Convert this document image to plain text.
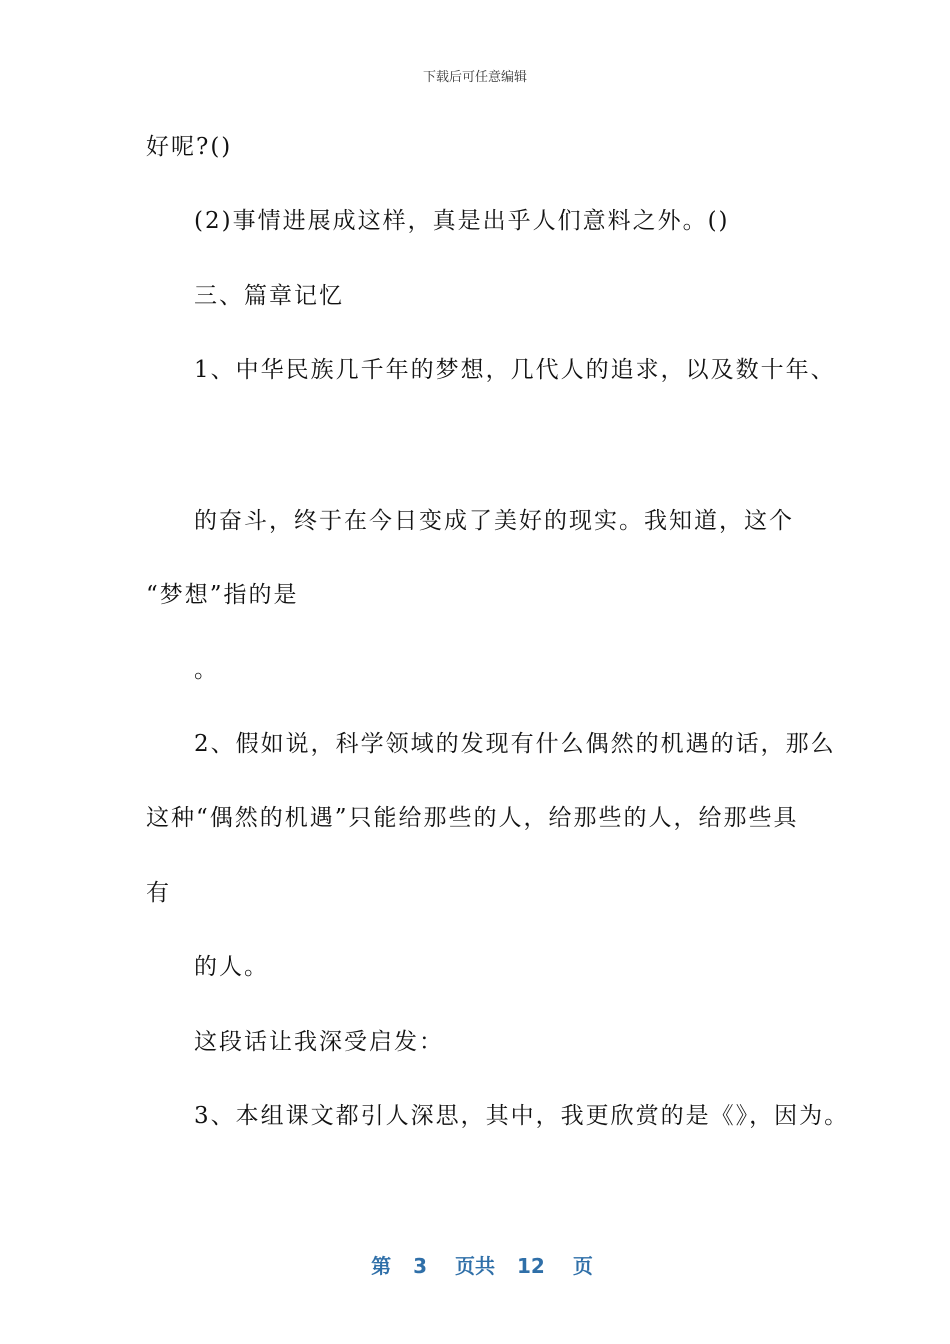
下载后可任意编辑
好呢?()
(2)事情进展成这样，真是出乎人们意料之外。()
三、篇章记忆
1、中华民族几千年的梦想，几代人的追求，以及数十年、
的奋斗，终于在今日变成了美好的现实。我知道，这个
“梦想”指的是
。
2、假如说，科学领域的发现有什么偶然的机遇的话，那么
这种“偶然的机遇”只能给那些的人，给那些的人，给那些具
有
的人。
这段话让我深受启发：
3、本组课文都引人深思，其中，我更欣赏的是《》，因为。

第 3 页共 12 页
